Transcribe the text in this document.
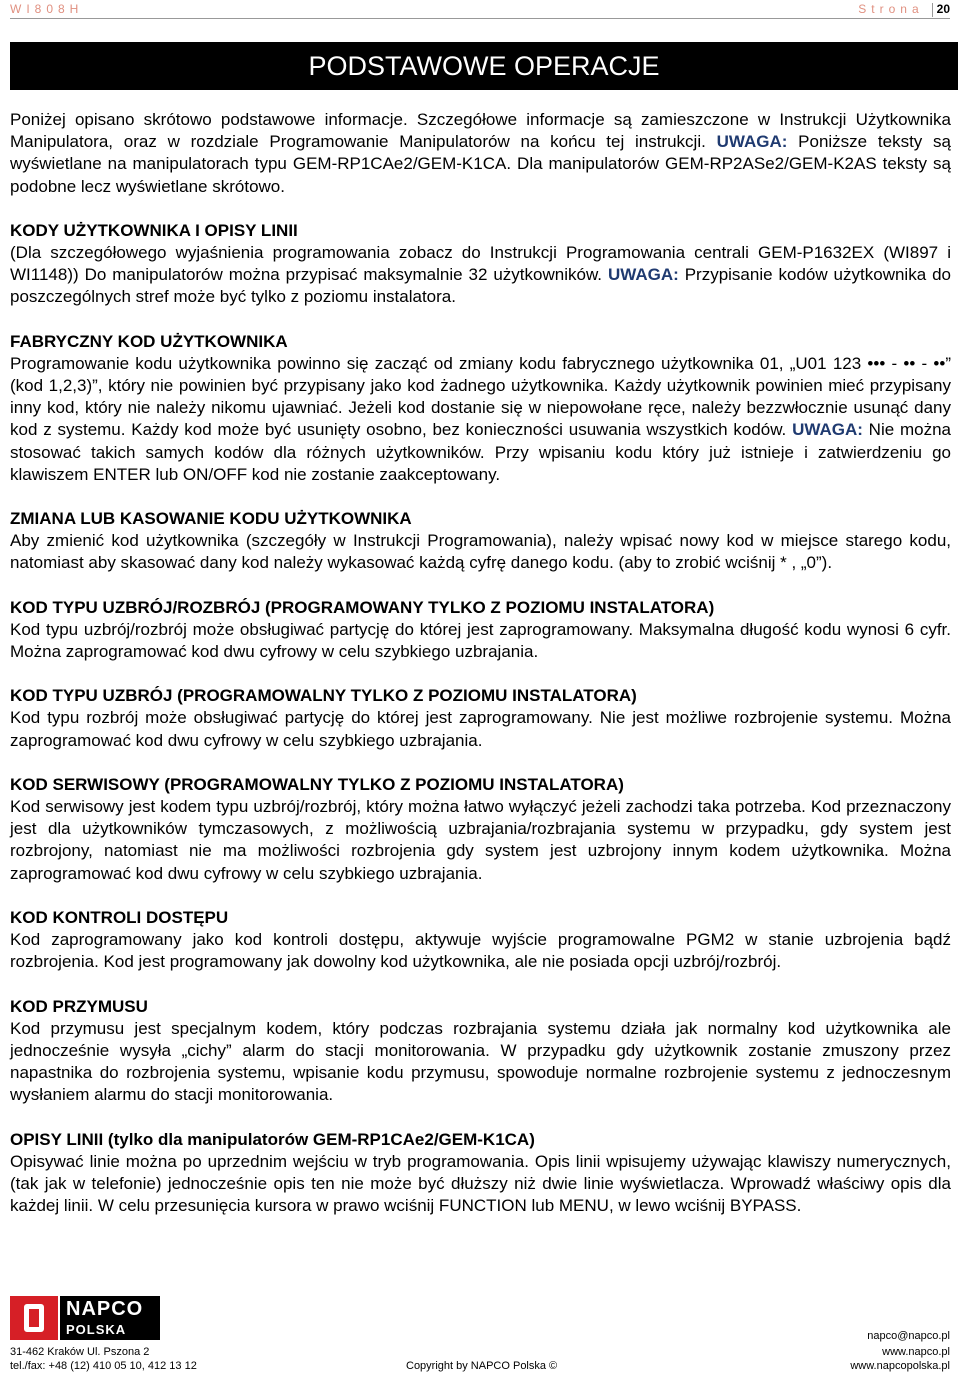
WI808H	Strona 20
PODSTAWOWE OPERACJE

Poniżej opisano skrótowo podstawowe informacje. Szczegółowe informacje są zamieszczone w Instrukcji Użytkownika Manipulatora, oraz w rozdziale Programowanie Manipulatorów na końcu tej instrukcji. UWAGA: Poniższe teksty są wyświetlane na manipulatorach typu GEM-RP1CAe2/GEM-K1CA. Dla manipulatorów GEM-RP2ASe2/GEM-K2AS teksty są podobne lecz wyświetlane skrótowo.

KODY UŻYTKOWNIKA I OPISY LINII

(Dla szczegółowego wyjaśnienia programowania zobacz do Instrukcji Programowania centrali GEM-P1632EX (WI897 i WI1148)) Do manipulatorów można przypisać maksymalnie 32 użytkowników. UWAGA: Przypisanie kodów użytkownika do poszczególnych stref może być tylko z poziomu instalatora.

FABRYCZNY KOD UŻYTKOWNIKA

Programowanie kodu użytkownika powinno się zacząć od zmiany kodu fabrycznego użytkownika 01, „U01 123 ••• - •• - ••” (kod 1,2,3)”, który nie powinien być przypisany jako kod żadnego użytkownika. Każdy użytkownik powinien mieć przypisany inny kod, który nie należy nikomu ujawniać. Jeżeli kod dostanie się w niepowołane ręce, należy bezzwłocznie usunąć dany kod z systemu. Każdy kod może być usunięty osobno, bez konieczności usuwania wszystkich kodów. UWAGA: Nie można stosować takich samych kodów dla różnych użytkowników. Przy wpisaniu kodu który już istnieje i zatwierdzeniu go klawiszem ENTER lub ON/OFF kod nie zostanie zaakceptowany.

ZMIANA LUB KASOWANIE KODU UŻYTKOWNIKA

Aby zmienić kod użytkownika (szczegóły w Instrukcji Programowania), należy wpisać nowy kod w miejsce starego kodu, natomiast aby skasować dany kod należy wykasować każdą cyfrę danego kodu. (aby to zrobić wciśnij * , „0”).

KOD TYPU UZBRÓJ/ROZBRÓJ (PROGRAMOWANY TYLKO Z POZIOMU INSTALATORA)

Kod typu uzbrój/rozbrój może obsługiwać partycję do której jest zaprogramowany. Maksymalna długość kodu wynosi 6 cyfr. Można zaprogramować kod dwu cyfrowy w celu szybkiego uzbrajania.

KOD TYPU UZBRÓJ (PROGRAMOWALNY TYLKO Z POZIOMU INSTALATORA)

Kod typu rozbrój może obsługiwać partycję do której jest zaprogramowany. Nie jest możliwe rozbrojenie systemu. Można zaprogramować kod dwu cyfrowy w celu szybkiego uzbrajania.

KOD SERWISOWY (PROGRAMOWALNY TYLKO Z POZIOMU INSTALATORA)

Kod serwisowy jest kodem typu uzbrój/rozbrój, który można łatwo wyłączyć jeżeli zachodzi taka potrzeba. Kod przeznaczony jest dla użytkowników tymczasowych, z możliwością uzbrajania/rozbrajania systemu w przypadku, gdy system jest rozbrojony, natomiast nie ma możliwości rozbrojenia gdy system jest uzbrojony innym kodem użytkownika. Można zaprogramować kod dwu cyfrowy w celu szybkiego uzbrajania.

KOD KONTROLI DOSTĘPU

Kod zaprogramowany jako kod kontroli dostępu, aktywuje wyjście programowalne PGM2 w stanie uzbrojenia bądź rozbrojenia. Kod jest programowany jak dowolny kod użytkownika, ale nie posiada opcji uzbrój/rozbrój.

KOD PRZYMUSU

Kod przymusu jest specjalnym kodem, który podczas rozbrajania systemu działa jak normalny kod użytkownika ale jednocześnie wysyła „cichy” alarm do stacji monitorowania. W przypadku gdy użytkownik zostanie zmuszony przez napastnika do rozbrojenia systemu, wpisanie kodu przymusu, spowoduje normalne rozbrojenie systemu z jednoczesnym wysłaniem alarmu do stacji monitorowania.

OPISY LINII (tylko dla manipulatorów GEM-RP1CAe2/GEM-K1CA)

Opisywać linie można po uprzednim wejściu w tryb programowania. Opis linii wpisujemy używając klawiszy numerycznych, (tak jak w telefonie) jednocześnie opis ten nie może być dłuższy niż dwie linie wyświetlacza. Wprowadź właściwy opis dla każdej linii. W celu przesunięcia kursora w prawo wciśnij FUNCTION lub MENU, w lewo wciśnij BYPASS.

NAPCO
POLSKA
31-462 Kraków Ul. Pszona 2
tel./fax: +48 (12) 410 05 10, 412 13 12	Copyright by NAPCO Polska ©
napco@napco.pl
www.napco.pl
www.napcopolska.pl
